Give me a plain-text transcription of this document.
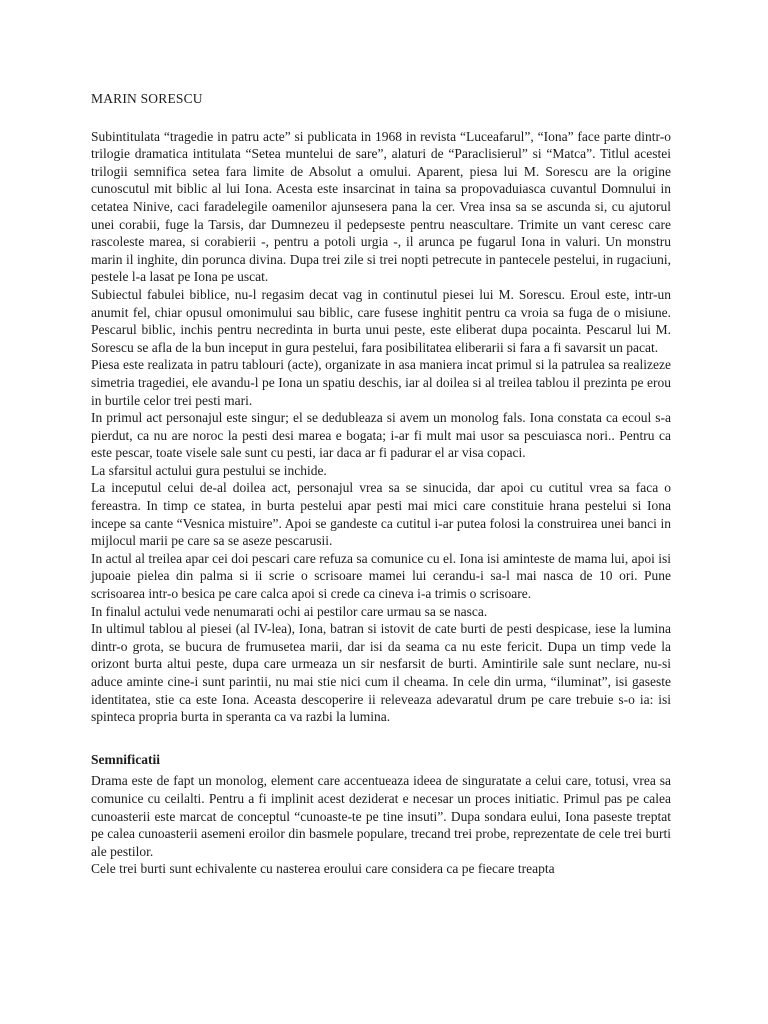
MARIN SORESCU

Subintitulata “tragedie in patru acte” si publicata in 1968 in revista “Luceafarul”, “Iona” face parte dintr-o trilogie dramatica intitulata “Setea muntelui de sare”, alaturi de “Paraclisierul” si “Matca”. Titlul acestei trilogii semnifica setea fara limite de Absolut a omului. Aparent, piesa lui M. Sorescu are la origine cunoscutul mit biblic al lui Iona. Acesta este insarcinat in taina sa propovaduiasca cuvantul Domnului in cetatea Ninive, caci faradelegile oamenilor ajunsesera pana la cer. Vrea insa sa se ascunda si, cu ajutorul unei corabii, fuge la Tarsis, dar Dumnezeu il pedepseste pentru neascultare. Trimite un vant ceresc care rascoleste marea, si corabierii -, pentru a potoli urgia -, il arunca pe fugarul Iona in valuri. Un monstru marin il inghite, din porunca divina. Dupa trei zile si trei nopti petrecute in pantecele pestelui, in rugaciuni, pestele l-a lasat pe Iona pe uscat.

Subiectul fabulei biblice, nu-l regasim decat vag in continutul piesei lui M. Sorescu. Eroul este, intr-un anumit fel, chiar opusul omonimului sau biblic, care fusese inghitit pentru ca vroia sa fuga de o misiune. Pescarul biblic, inchis pentru necredinta in burta unui peste, este eliberat dupa pocainta. Pescarul lui M. Sorescu se afla de la bun inceput in gura pestelui, fara posibilitatea eliberarii si fara a fi savarsit un pacat.

Piesa este realizata in patru tablouri (acte), organizate in asa maniera incat primul si la patrulea sa realizeze simetria tragediei, ele avandu-l pe Iona un spatiu deschis, iar al doilea si al treilea tablou il prezinta pe erou in burtile celor trei pesti mari.

In primul act personajul este singur; el se dedubleaza si avem un monolog fals. Iona constata ca ecoul s-a pierdut, ca nu are noroc la pesti desi marea e bogata; i-ar fi mult mai usor sa pescuiasca nori.. Pentru ca este pescar, toate visele sale sunt cu pesti, iar daca ar fi padurar el ar visa copaci.

La sfarsitul actului gura pestului se inchide.

La inceputul celui de-al doilea act, personajul vrea sa se sinucida, dar apoi cu cutitul vrea sa faca o fereastra. In timp ce statea, in burta pestelui apar pesti mai mici care constituie hrana pestelui si Iona incepe sa cante “Vesnica mistuire”. Apoi se gandeste ca cutitul i-ar putea folosi la construirea unei banci in mijlocul marii pe care sa se aseze pescarusii.

In actul al treilea apar cei doi pescari care refuza sa comunice cu el. Iona isi aminteste de mama lui, apoi isi jupoaie pielea din palma si ii scrie o scrisoare mamei lui cerandu-i sa-l mai nasca de 10 ori. Pune scrisoarea intr-o besica pe care calca apoi si crede ca cineva i-a trimis o scrisoare.

In finalul actului vede nenumarati ochi ai pestilor care urmau sa se nasca.

In ultimul tablou al piesei (al IV-lea), Iona, batran si istovit de cate burti de pesti despicase, iese la lumina dintr-o grota, se bucura de frumusetea marii, dar isi da seama ca nu este fericit. Dupa un timp vede la orizont burta altui peste, dupa care urmeaza un sir nesfarsit de burti. Amintirile sale sunt neclare, nu-si aduce aminte cine-i sunt parintii, nu mai stie nici cum il cheama. In cele din urma, “iluminat”, isi gaseste identitatea, stie ca este Iona. Aceasta descoperire ii releveaza adevaratul drum pe care trebuie s-o ia: isi spinteca propria burta in speranta ca va razbi la lumina.

Semnificatii

Drama este de fapt un monolog, element care accentueaza ideea de singuratate a celui care, totusi, vrea sa comunice cu ceilalti. Pentru a fi implinit acest deziderat e necesar un proces initiatic. Primul pas pe calea cunoasterii este marcat de conceptul “cunoaste-te pe tine insuti”. Dupa sondara eului, Iona paseste treptat pe calea cunoasterii asemeni eroilor din basmele populare, trecand trei probe, reprezentate de cele trei burti ale pestilor.

Cele trei burti sunt echivalente cu nasterea eroului care considera ca pe fiecare treapta
